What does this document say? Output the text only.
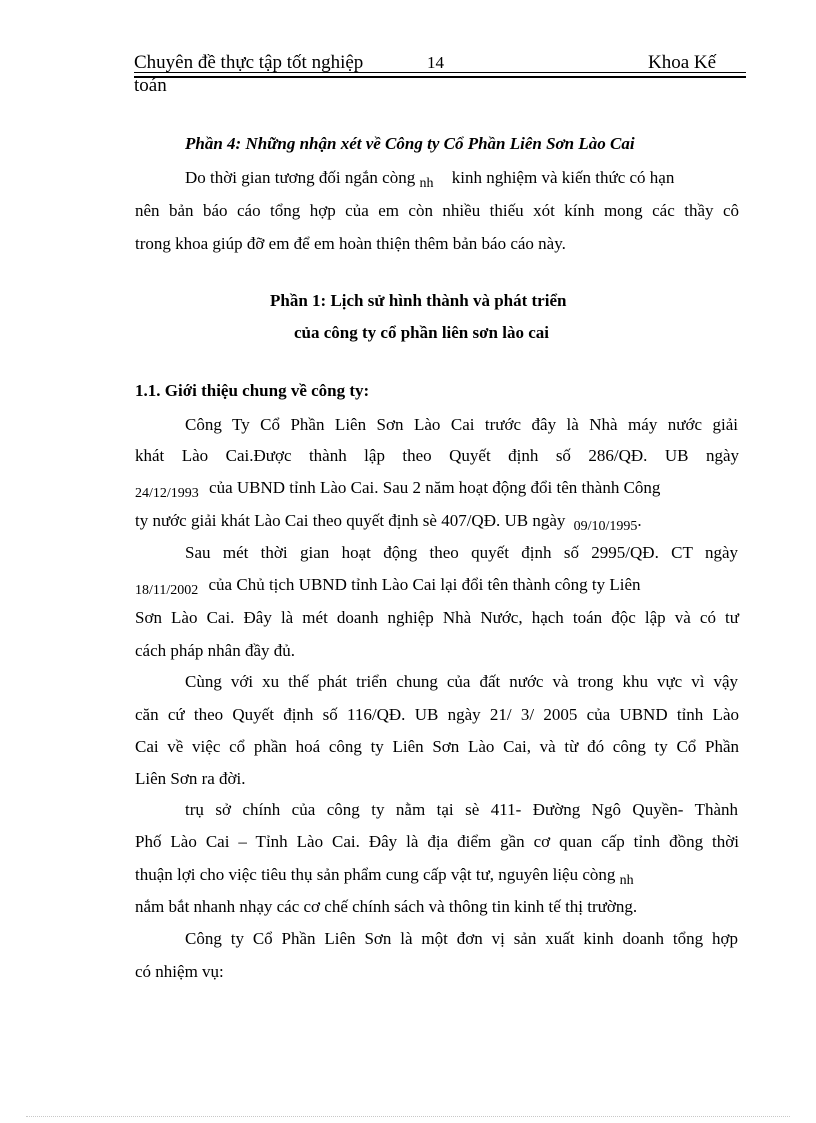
Chuyên đề thực tập tốt nghiệp	14	Khoa Kế
toán
Phần 4: Những nhận xét về Công ty Cổ Phần Liên Sơn Lào Cai
Do thời gian tương đối ngắn còng $_{nh}$ kinh nghiệm và kiến thức có hạn
nên bản báo cáo tổng hợp của em còn nhiều thiếu xót kính mong các thầy cô
trong khoa giúp đỡ em để em hoàn thiện thêm bản báo cáo này.
Phần 1: Lịch sử hình thành và phát triển
của công ty cổ phần liên sơn lào cai
1.1. Giới thiệu chung về công ty:
Công Ty Cổ Phần Liên Sơn Lào Cai trước đây là Nhà máy nước giải
khát Lào Cai.Được thành lập theo Quyết định số 286/QĐ. UB ngày
$_{24/12/1993}$ của UBND tỉnh Lào Cai. Sau 2 năm hoạt động đổi tên thành Công
ty nước giải khát Lào Cai theo quyết định sè 407/QĐ. UB ngày $_{09/10/1995}$.
Sau mét thời gian hoạt động theo quyết định số 2995/QĐ. CT ngày
$_{18/11/2002}$ của Chủ tịch UBND tỉnh Lào Cai lại đổi tên thành công ty Liên
Sơn Lào Cai. Đây là mét doanh nghiệp Nhà Nước, hạch toán độc lập và có tư
cách pháp nhân đầy đủ.
Cùng với xu thế phát triển chung của đất nước và trong khu vực vì vậy
căn cứ theo Quyết định số 116/QĐ. UB ngày 21/ 3/ 2005 của UBND tỉnh Lào
Cai về việc cổ phần hoá công ty Liên Sơn Lào Cai, và từ đó công ty Cổ Phần
Liên Sơn ra đời.
trụ sở chính của công ty nằm tại sè 411- Đường Ngô Quyền- Thành
Phố Lào Cai – Tỉnh Lào Cai. Đây là địa điểm gần cơ quan cấp tỉnh đồng thời
thuận lợi cho việc tiêu thụ sản phẩm cung cấp vật tư, nguyên liệu còng $_{nh}$
nắm bắt nhanh nhạy các cơ chế chính sách và thông tin kinh tế thị trường.
Công ty Cổ Phần Liên Sơn là một đơn vị sản xuất kinh doanh tổng hợp
có nhiệm vụ:
